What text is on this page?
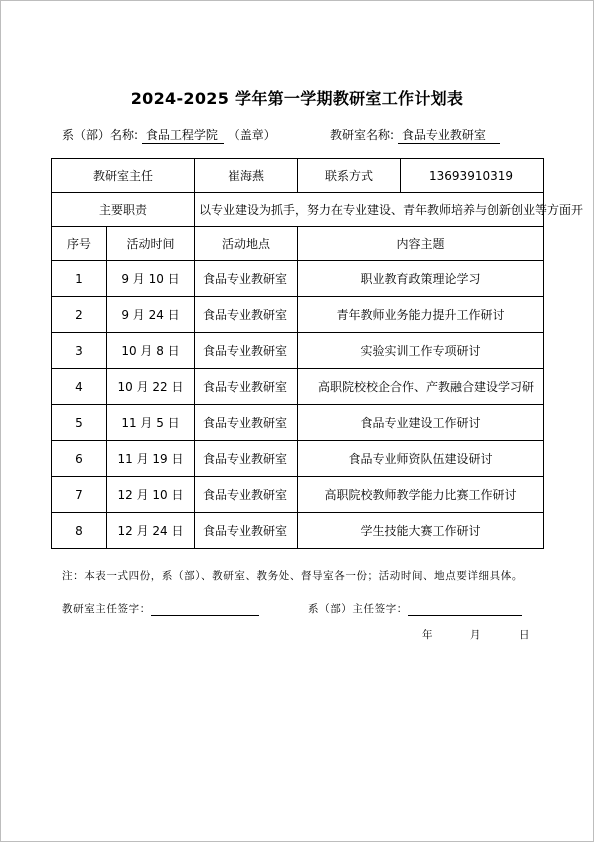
2024-2025 学年第一学期教研室工作计划表
系（部）名称: 食品工程学院 （盖章）	教研室名称: 食品专业教研室
教研室主任		崔海燕	联系方式	13693910319
主要职责		以专业建设为抓手，努力在专业建设、青年教师培养与创新创业等方面开		
序号	活动时间	活动地点	内容主题	
1	9 月 10 日	食品专业教研室	职业教育政策理论学习	
2	9 月 24 日	食品专业教研室	青年教师业务能力提升工作研讨	
3	10 月 8 日	食品专业教研室	实验实训工作专项研讨	
4	10 月 22 日	食品专业教研室	高职院校校企合作、产教融合建设学习研	
5	11 月 5 日	食品专业教研室	食品专业建设工作研讨	
6	11 月 19 日	食品专业教研室	食品专业师资队伍建设研讨	
7	12 月 10 日	食品专业教研室	高职院校教师教学能力比赛工作研讨	
8	12 月 24 日	食品专业教研室	学生技能大赛工作研讨	
注：本表一式四份，系（部）、教研室、教务处、督导室各一份；活动时间、地点要详细具体。
教研室主任签字：	系（部）主任签字：
年	月	日
